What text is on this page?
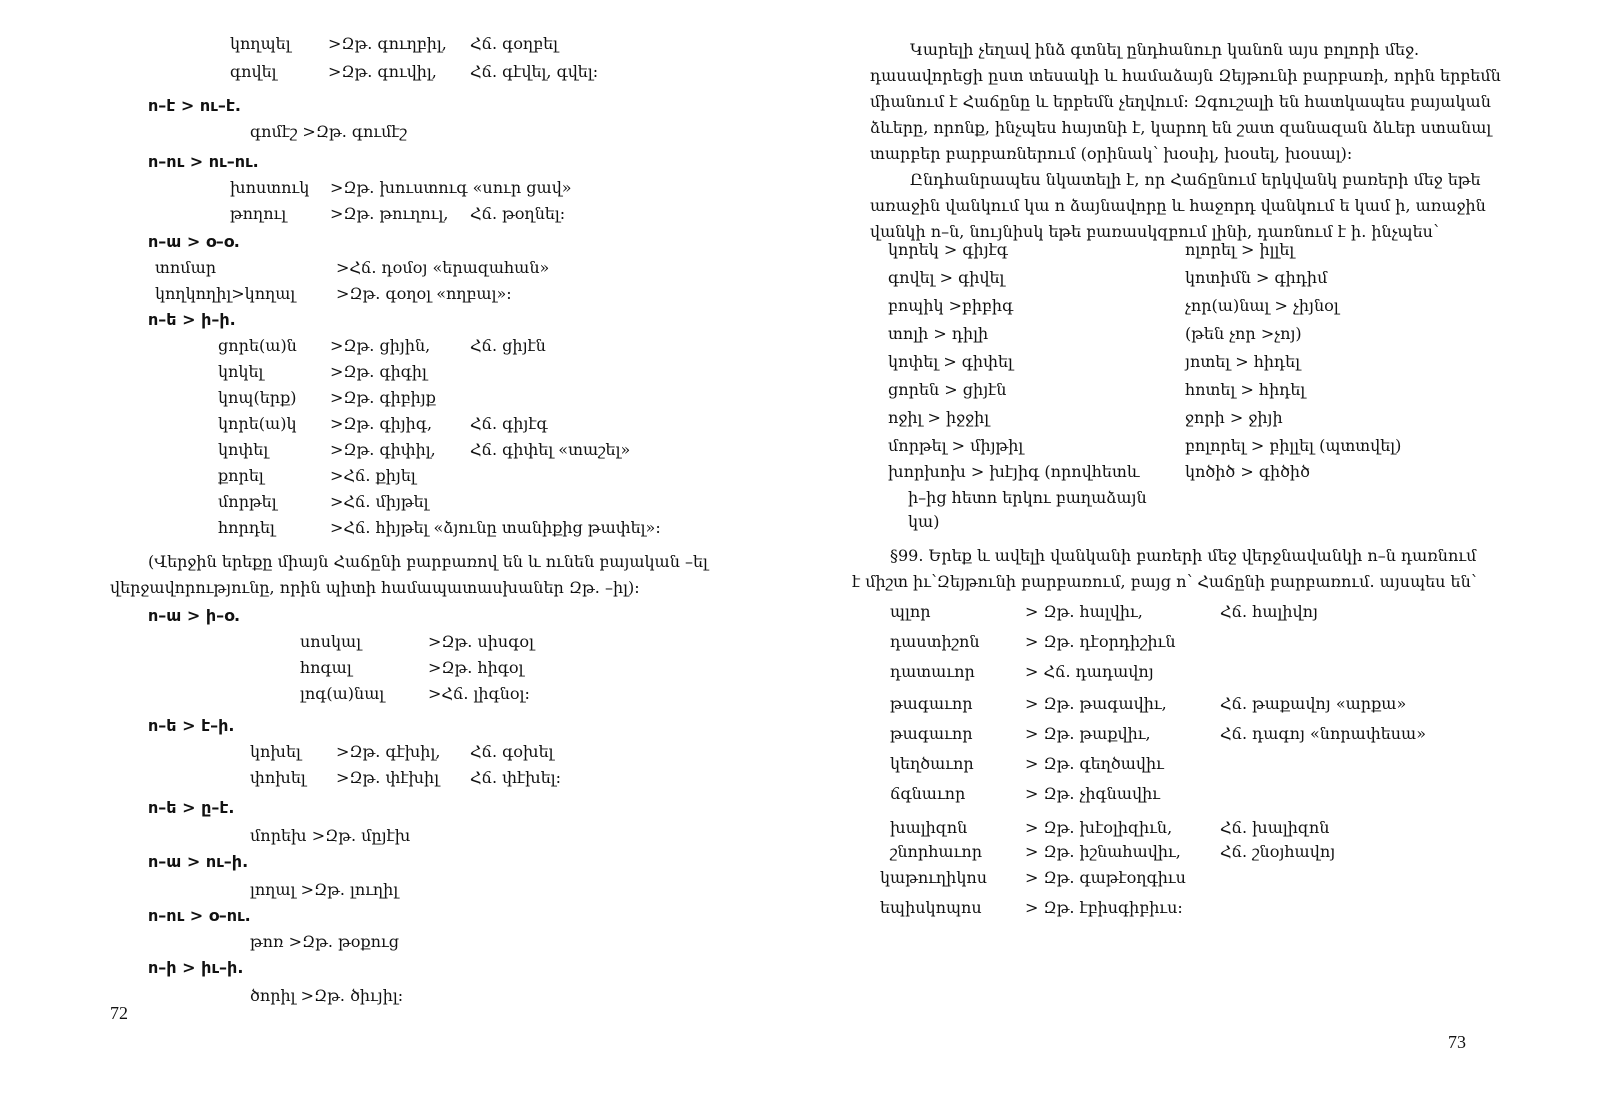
72
73
կողպել >Զթ. գուղբիլ, Հճ. գօղբել
գովել	>Զթ. գուվիլ, Հճ. գէվել, գվել:
ո–է > ու–է.
գոմէշ >Զթ. գումէշ
ո–ու > ու–ու.
խոստուկ >Զթ. խուստուգ «սուր ցավ»
թողուլ	>Զթ. թուղուլ, Հճ. թօղնել:
ո–ա > օ–օ.
տոմար	>Հճ. դօմօյ «երազահան»
կողկողիլ>կողալ	>Զթ. գօղօլ «ողբալ»:
ո–ե > ի–ի.
ցորե(ա)ն >Զթ. ցիյին, Հճ. ցիյէն
կոկել	>Զթ. գիգիլ
կոպ(երք) >Զթ. գիբիյք
կորե(ա)կ >Զթ. գիյիգ, Հճ. գիյէգ
կոփել	>Զթ. գիփիլ, Հճ. գիփել «տաշել»
քորել	>Հճ. քիյել
մորթել	>Հճ. միյթել
հորդել	>Հճ. հիյթել «ձյունը տանիքից թափել»:
(Վերջին երեքը միայն Հաճընի բարբառով են և ունեն բայական –ել
վերջավորությունը, որին պիտի համապատասխաներ Զթ. –իլ):
ո–ա > ի–օ.
սոսկալ	>Զթ. սիսգօլ
հոգալ	>Զթ. հիգօլ
լոգ(ա)նալ	>Հճ. լիգնօլ:
ո–ե > է–ի.
կոխել >Զթ. գէխիլ, Հճ. գօխել
փոխել >Զթ. փէխիլ Հճ. փէխել:
ո–ե > ը–է.
մորեխ >Զթ. մըյէխ
ո–ա > ու–ի.
լողալ >Զթ. լուղիլ
ո–ու > օ–ու.
թոռ >Զթ. թօքուց
ո–ի > իւ–ի.
ծորիլ >Զթ. ծիւյիլ:
Կարելի չեղավ ինձ գտնել ընդհանուր կանոն այս բոլորի մեջ.
դասավորեցի ըստ տեսակի և համաձայն Զեյթունի բարբառի, որին երբեմն
միանում է Հաճընը և երբեմն չեղվում: Զգուշալի են հատկապես բայական
ձևերը, որոնք, ինչպես հայտնի է, կարող են շատ զանազան ձևեր ստանալ
տարբեր բարբառներում (օրինակ՝ խօսիլ, խօսել, խօսալ):
Ընդհանրապես նկատելի է, որ Հաճընում երկվանկ բառերի մեջ եթե
առաջին վանկում կա ո ձայնավորը և հաջորդ վանկում ե կամ ի, առաջին
վանկի ո–ն, նույնիսկ եթե բառասկզբում լինի, դառնում է ի. ինչպես՝
կորեկ > գիյէգ	ոլորել > իլլել
գովել > գիվել	կոտիմն > գիդիմ
բոպիկ >բիբիգ	չոր(ա)նալ > չիյնօլ
տոլի > դիլի	(թեն չոր >չոյ)
կոփել > գիփել	յոտել > հիդել
ցորեն > ցիյէն	հոտել > հիդել
ոջիլ > իջջիլ	ջորի > ջիյի
մորթել > միյթիլ	բոլորել > բիլլել (պտտվել)
խորխոխ > խէյիգ (որովհետև	կոծիծ > գիծիծ
ի–ից հետո երկու բաղաձայն
կա)
§99. Երեք և ավելի վանկանի բառերի մեջ վերջնավանկի ո–ն դառնում
է միշտ իւ՝Զեյթունի բարբառում, բայց ո՝ Հաճընի բարբառում. այսպես են՝
պլոր	> Զթ. հալվիւ,	Հճ. հալիվոյ
դաստիշոն	> Զթ. դէօրդիշիւն
դատաւոր	> Հճ. դադավոյ
թագաւոր	> Զթ. թագավիւ,	Հճ. թաքավոյ «արքա»
թագաւոր	> Զթ. թաքվիւ,	Հճ. դագոյ «նորափեսա»
կեղծաւոր	> Զթ. գեղծավիւ
ճգնաւոր	> Զթ. չիգնավիւ
խալիզոն	> Զթ. խէօլիզիւն,	Հճ. խալիզոն
շնորհաւոր	> Զթ. իշնահավիւ, Հճ. շնօյհավոյ
կաթուղիկոս > Զթ. գաթէօղգիւս
եպիսկոպոս	> Զթ. էբիսգիբիւս:
